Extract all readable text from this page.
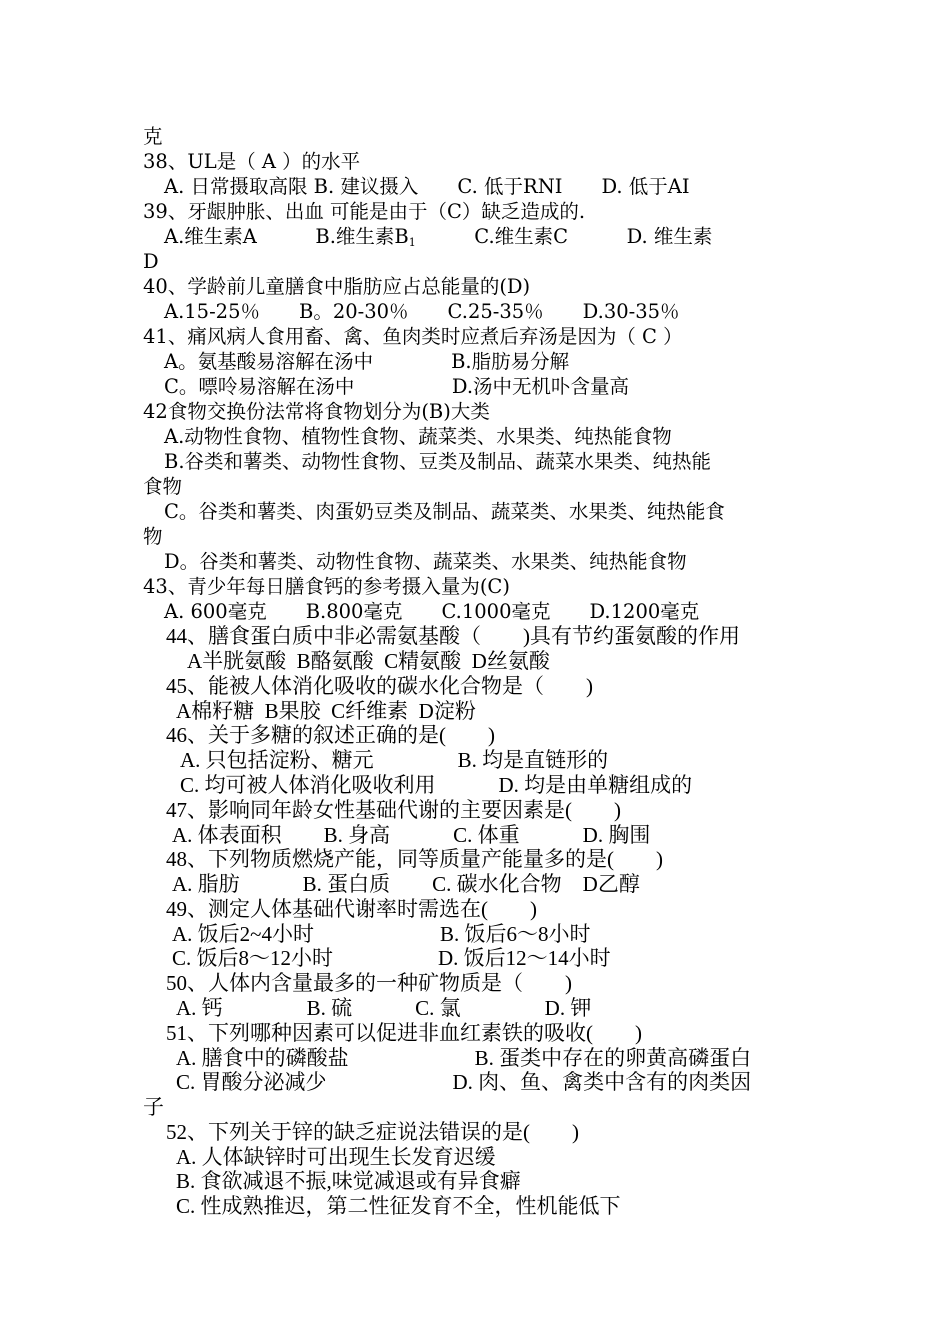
克
38、UL是（ A ）的水平
A. 日常摄取高限 B. 建议摄入　　C. 低于RNI　　D. 低于AI
39、牙龈肿胀、出血 可能是由于（C）缺乏造成的.
A.维生素A　　　B.维生素$B_1$　　　	C.维生素C　　　D. 维生素
D
40、学龄前儿童膳食中脂肪应占总能量的(D)
A.15-25％　　B。20-30％　　C.25-35％　　D.30-35％
41、痛风病人食用畜、禽、鱼肉类时应煮后弃汤是因为（ C ）
A。氨基酸易溶解在汤中　　　　B.脂肪易分解
C。嘌呤易溶解在汤中　　　　　D.汤中无机卟含量高
42食物交换份法常将食物划分为(B)大类
A.动物性食物、植物性食物、蔬菜类、水果类、纯热能食物
B.谷类和薯类、动物性食物、豆类及制品、蔬菜水果类、纯热能
食物
C。谷类和薯类、肉蛋奶豆类及制品、蔬菜类、水果类、纯热能食
物
D。谷类和薯类、动物性食物、蔬菜类、水果类、纯热能食物
43、青少年每日膳食钙的参考摄入量为(C)
A. 600毫克　　B.800毫克　　C.1000毫克　　D.1200毫克
44、膳食蛋白质中非必需氨基酸（　　)具有节约蛋氨酸的作用
A半胱氨酸  B酪氨酸  C精氨酸  D丝氨酸
45、能被人体消化吸收的碳水化合物是（　　)
A棉籽糖  B果胶  C纤维素  D淀粉
46、关于多糖的叙述正确的是(　　)
A. 只包括淀粉、糖元　　　　B. 均是直链形的
C. 均可被人体消化吸收利用　　　D. 均是由单糖组成的
47、影响同年龄女性基础代谢的主要因素是(　　)
A. 体表面积　　B. 身高　　　C. 体重　　　D. 胸围
48、下列物质燃烧产能，同等质量产能量多的是(　　)
A. 脂肪　　　B. 蛋白质　　C. 碳水化合物　D乙醇
49、测定人体基础代谢率时需选在(　　)
A. 饭后2~4小时　　　　　　B. 饭后6～8小时
C. 饭后8～12小时　　　　　D. 饭后12～14小时
50、人体内含量最多的一种矿物质是（　　)
A. 钙　　　　B. 硫　　　C. 氯　　　　D. 钾
51、下列哪种因素可以促进非血红素铁的吸收(　　)
A. 膳食中的磷酸盐　　　　　　B. 蛋类中存在的卵黄高磷蛋白
C. 胃酸分泌减少　　　　　　D. 肉、鱼、禽类中含有的肉类因
子
52、下列关于锌的缺乏症说法错误的是(　　)
A. 人体缺锌时可出现生长发育迟缓
B. 食欲减退不振,味觉减退或有异食癖
C. 性成熟推迟，第二性征发育不全，性机能低下
